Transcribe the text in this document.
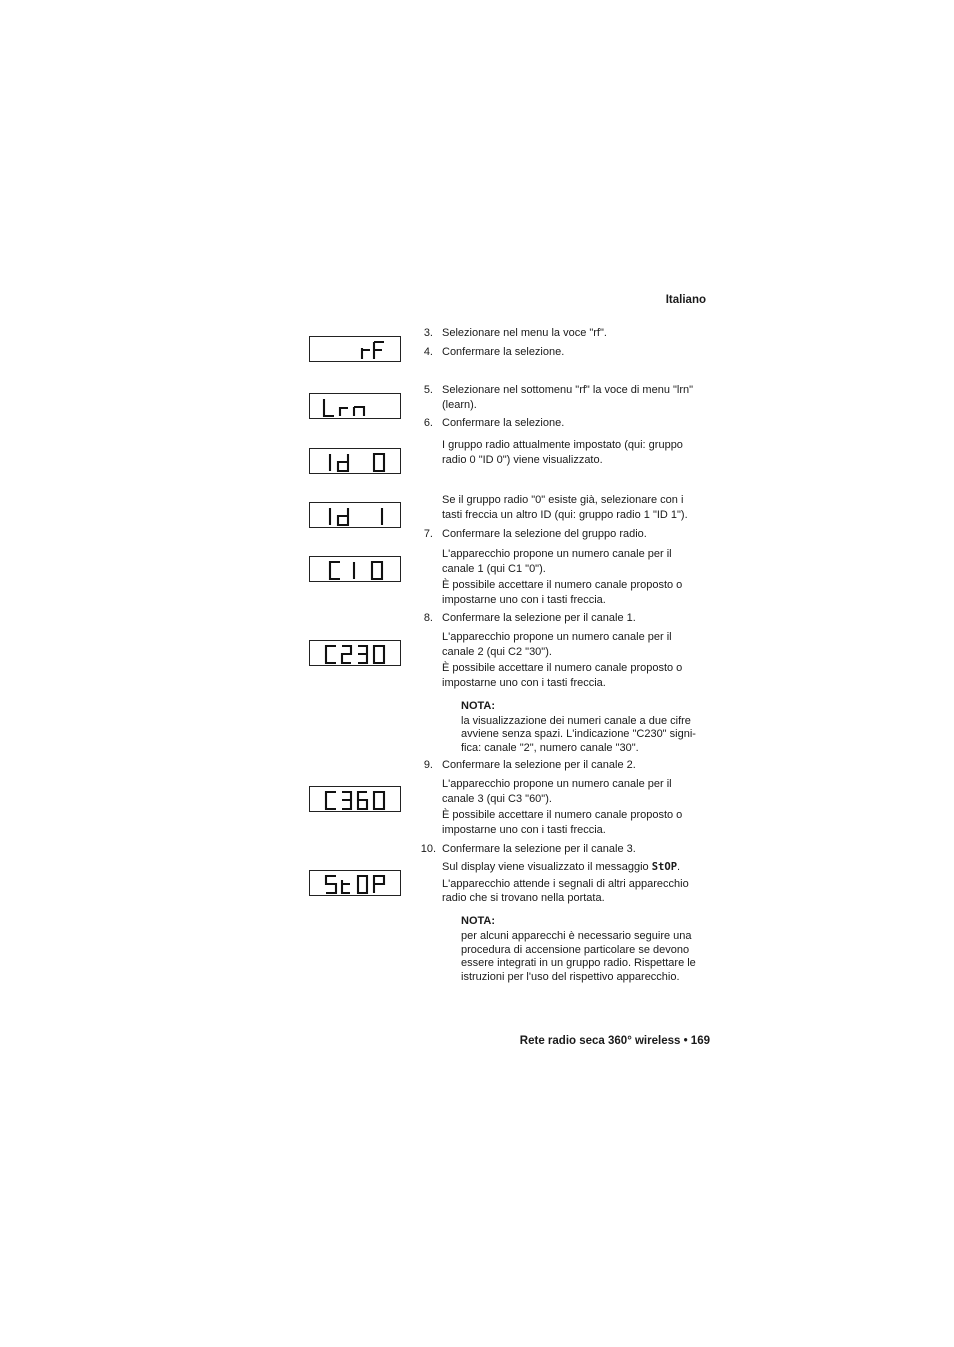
Italiano
Rete radio seca 360° wireless • 169
3. Selezionare nel menu la voce "rf".
4. Confermare la selezione.
5. Selezionare nel sottomenu "rf" la voce di menu "lrn"
(learn).
6. Confermare la selezione.
I gruppo radio attualmente impostato (qui: gruppo
radio 0 "ID 0") viene visualizzato.
Se il gruppo radio "0" esiste già, selezionare con i
tasti freccia un altro ID (qui: gruppo radio 1 "ID 1").
7. Confermare la selezione del gruppo radio.
L'apparecchio propone un numero canale per il
canale 1 (qui C1 "0").
È possibile accettare il numero canale proposto o
impostarne uno con i tasti freccia.
8. Confermare la selezione per il canale 1.
L'apparecchio propone un numero canale per il
canale 2 (qui C2 "30").
È possibile accettare il numero canale proposto o
impostarne uno con i tasti freccia.
NOTA:
la visualizzazione dei numeri canale a due cifre
avviene senza spazi. L'indicazione "C230" signi-
fica: canale "2", numero canale "30".
9. Confermare la selezione per il canale 2.
L'apparecchio propone un numero canale per il
canale 3 (qui C3 "60").
È possibile accettare il numero canale proposto o
impostarne uno con i tasti freccia.
10. Confermare la selezione per il canale 3.
Sul display viene visualizzato il messaggio StOP.
L'apparecchio attende i segnali di altri apparecchio
radio che si trovano nella portata.
NOTA:
per alcuni apparecchi è necessario seguire una
procedura di accensione particolare se devono
essere integrati in un gruppo radio. Rispettare le
istruzioni per l'uso del rispettivo apparecchio.
